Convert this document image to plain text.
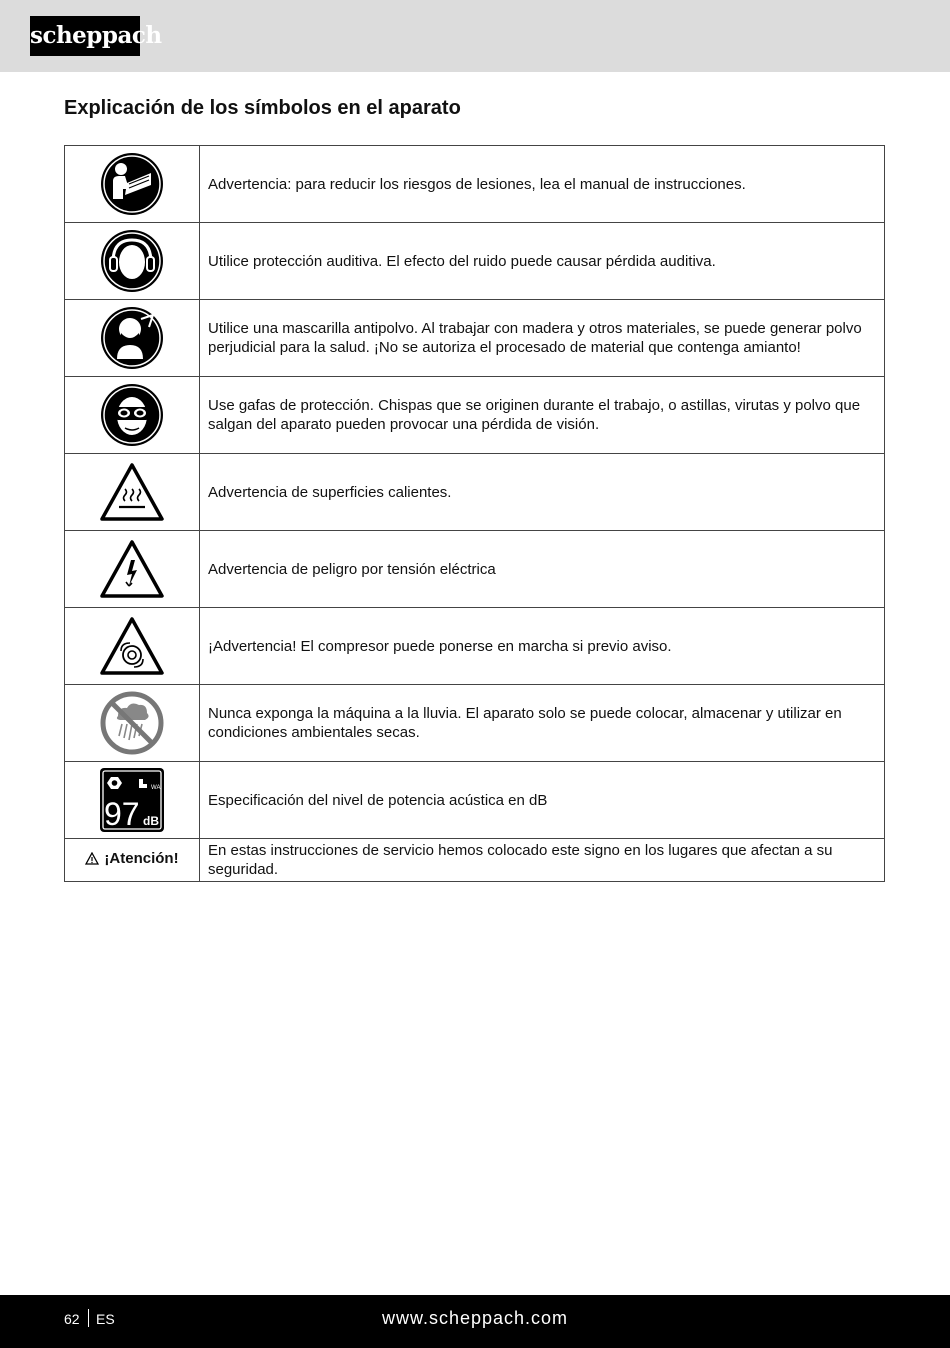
scheppach
Explicación de los símbolos en el aparato
	Advertencia: para reducir los riesgos de lesiones, lea el manual de instrucciones.

	Utilice protección auditiva. El efecto del ruido puede causar pérdida auditiva.

	Utilice una mascarilla antipolvo. Al trabajar con madera y otros materiales, se puede generar polvo perjudicial para la salud. ¡No se autoriza el procesado de material que contenga amianto!

	Use gafas de protección. Chispas que se originen durante el trabajo, o astillas, virutas y polvo que salgan del aparato pueden provocar una pérdida de visión.

	Advertencia de superficies calientes.

	Advertencia de peligro por tensión eléctrica

	¡Advertencia! El compresor puede ponerse en marcha si previo aviso.

	Nunca exponga la máquina a la lluvia. El aparato solo se puede colocar, almacenar y utilizar en condiciones ambientales secas.

WA
97 dB	Especificación del nivel de potencia acústica en dB

¡Atención!	En estas instrucciones de servicio hemos colocado este signo en los lugares que afectan a su seguridad.
62 ES	www.scheppach.com
